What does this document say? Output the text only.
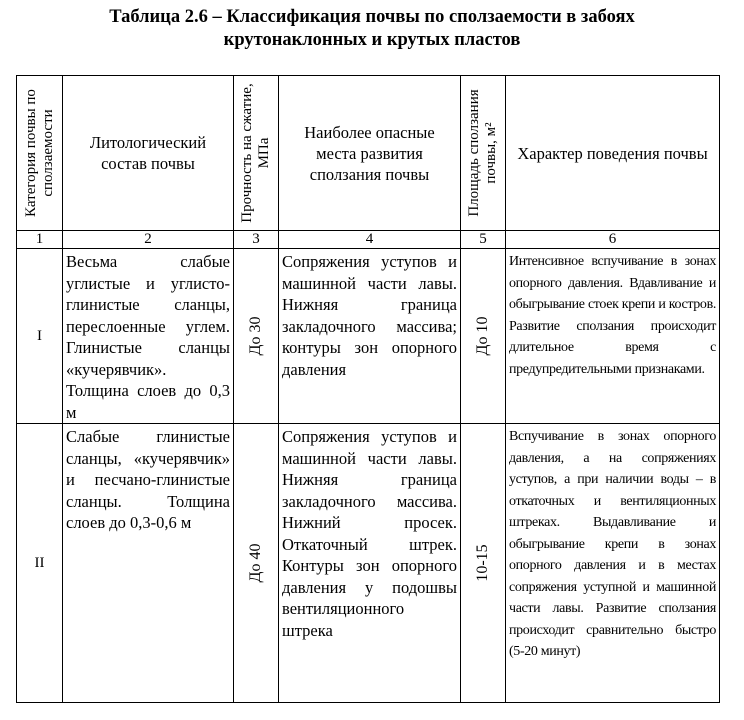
Таблица 2.6 – Классификация почвы по сползаемости в забоях
крутонаклонных и крутых пластов
Категория почвы по сползаемости	Литологический состав почвы	Прочность на сжатие, МПа	Наиболее опасные места развития сползания почвы	Площадь сползания почвы, м²	Характер поведения почвы

1	2	3	4	5	6
I	Весьма слабые углистые и углисто-глинистые сланцы, переслоенные углем. Глинистые сланцы «кучерявчик». Толщина слоев до 0,3 м	До 30	Сопряжения уступов и машинной части лавы. Нижняя граница закладочного массива; контуры зон опорного давления	До 10	Интенсивное вспучивание в зонах опорного давления. Вдавливание и обыгрывание стоек крепи и костров. Развитие сползания происходит длительное время с предупредительными признаками.

II	Слабые глинистые сланцы, «кучерявчик» и песчано-глинистые сланцы. Толщина слоев до 0,3-0,6 м	До 40	Сопряжения уступов и машинной части лавы. Нижняя граница закладочного массива. Нижний просек. Откаточный штрек. Контуры зон опорного давления у подошвы вентиляционного штрека	10-15	Вспучивание в зонах опорного давления, а на сопряжениях уступов, а при наличии воды – в откаточных и вентиляционных штреках. Выдавливание и обыгрывание крепи в зонах опорного давления и в местах сопряжения уступной и машинной части лавы. Развитие сползания происходит сравнительно быстро (5-20 минут)
